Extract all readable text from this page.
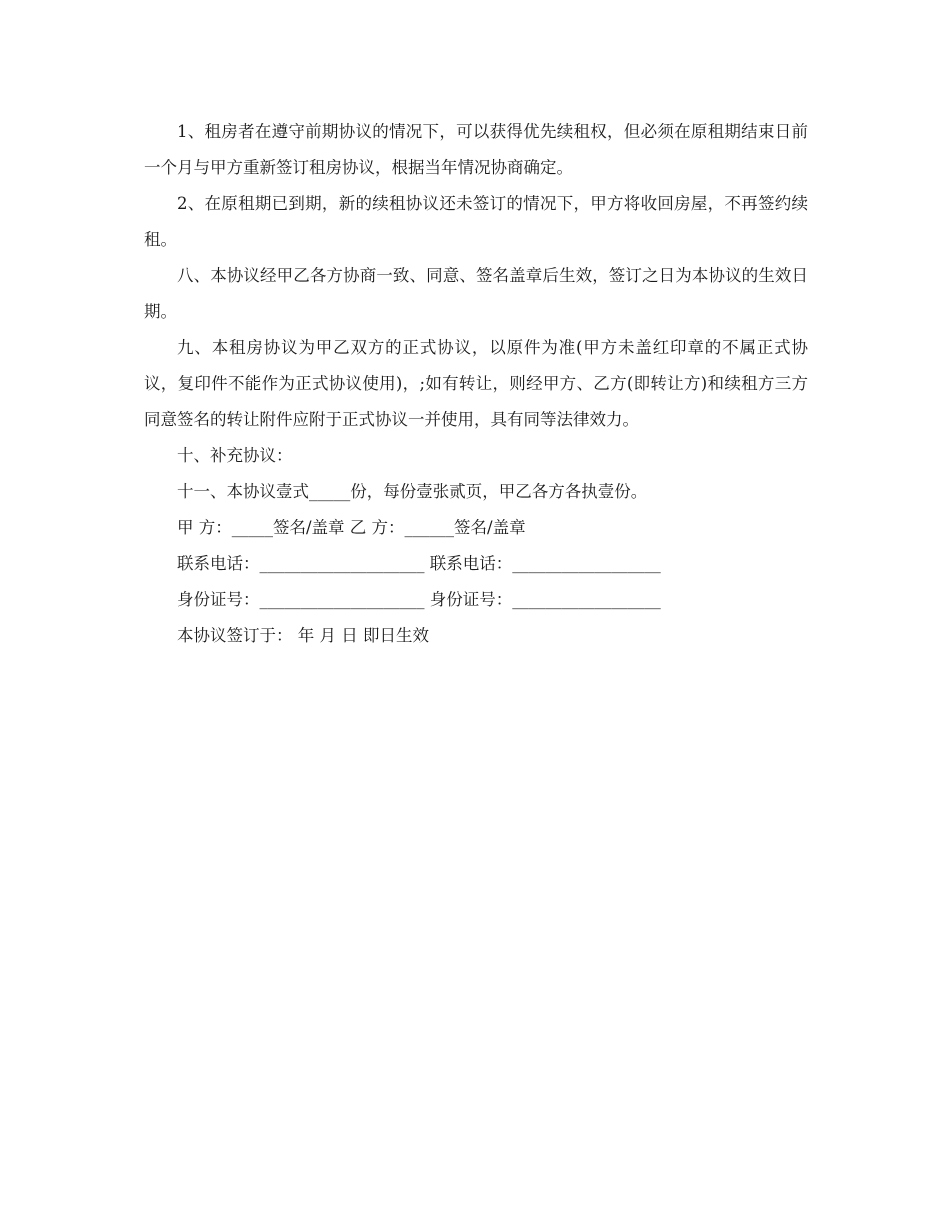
1、租房者在遵守前期协议的情况下，可以获得优先续租权，但必须在原租期结束日前一个月与甲方重新签订租房协议，根据当年情况协商确定。

2、在原租期已到期，新的续租协议还未签订的情况下，甲方将收回房屋，不再签约续租。

八、本协议经甲乙各方协商一致、同意、签名盖章后生效，签订之日为本协议的生效日期。

九、本租房协议为甲乙双方的正式协议，以原件为准(甲方未盖红印章的不属正式协议，复印件不能作为正式协议使用)，;如有转让，则经甲方、乙方(即转让方)和续租方三方同意签名的转让附件应附于正式协议一并使用，具有同等法律效力。

十、补充协议：

十一、本协议壹式_____份，每份壹张贰页，甲乙各方各执壹份。

甲 方：_____签名/盖章 乙 方：______签名/盖章

联系电话：____________________ 联系电话：__________________

身份证号：____________________ 身份证号：__________________

本协议签订于： 年 月 日 即日生效
